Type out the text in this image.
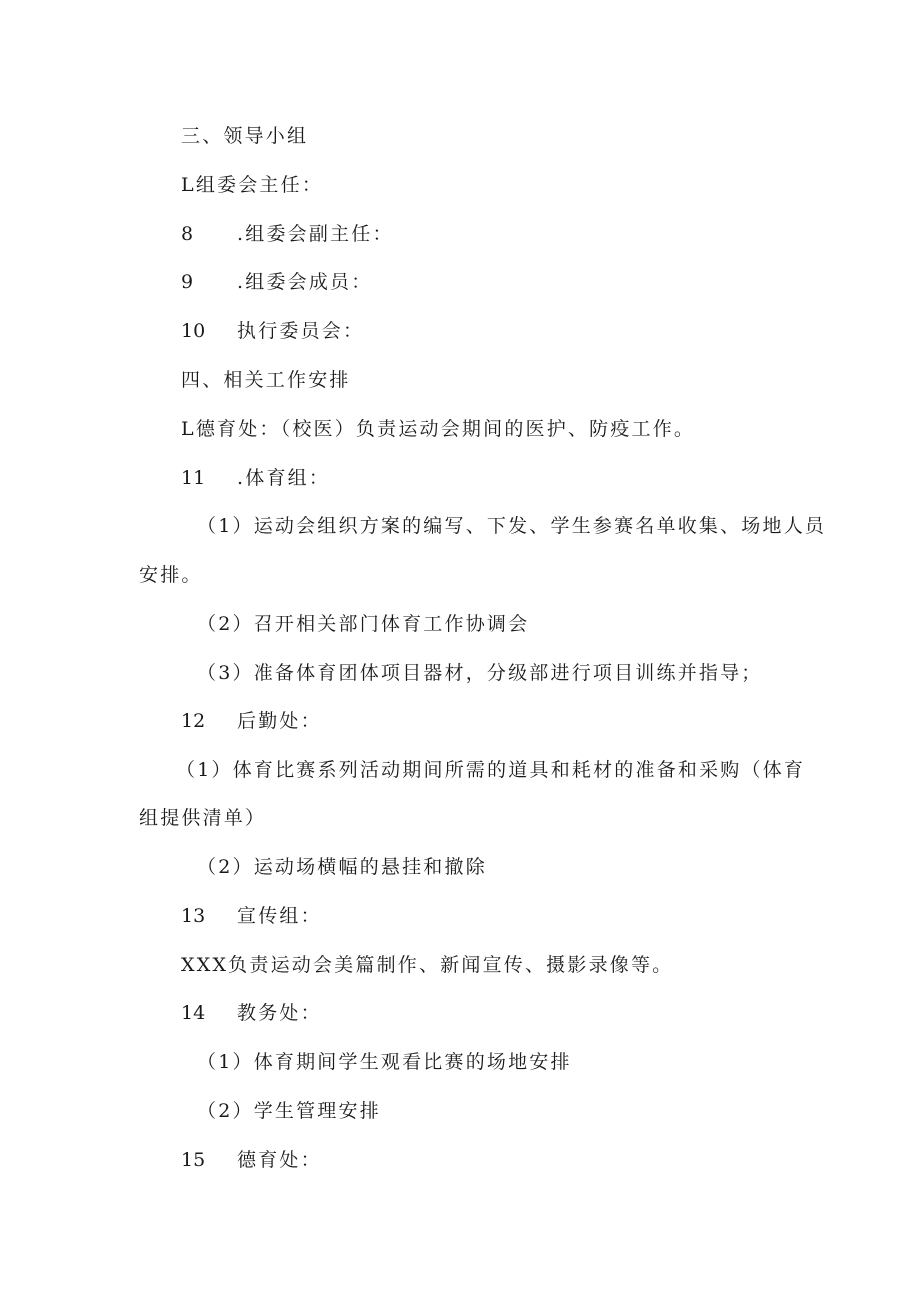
三、领导小组
L组委会主任：
8 .组委会副主任：
9 .组委会成员：
10 执行委员会：
四、相关工作安排
L德育处：（校医）负责运动会期间的医护、防疫工作。
11 .体育组：
（1）运动会组织方案的编写、下发、学生参赛名单收集、场地人员
安排。
（2）召开相关部门体育工作协调会
（3）准备体育团体项目器材，分级部进行项目训练并指导；
12 后勤处：
（1）体育比赛系列活动期间所需的道具和耗材的准备和采购（体育
组提供清单）
（2）运动场横幅的悬挂和撤除
13 宣传组：
XXX负责运动会美篇制作、新闻宣传、摄影录像等。
14 教务处：
（1）体育期间学生观看比赛的场地安排
（2）学生管理安排
15 德育处：
